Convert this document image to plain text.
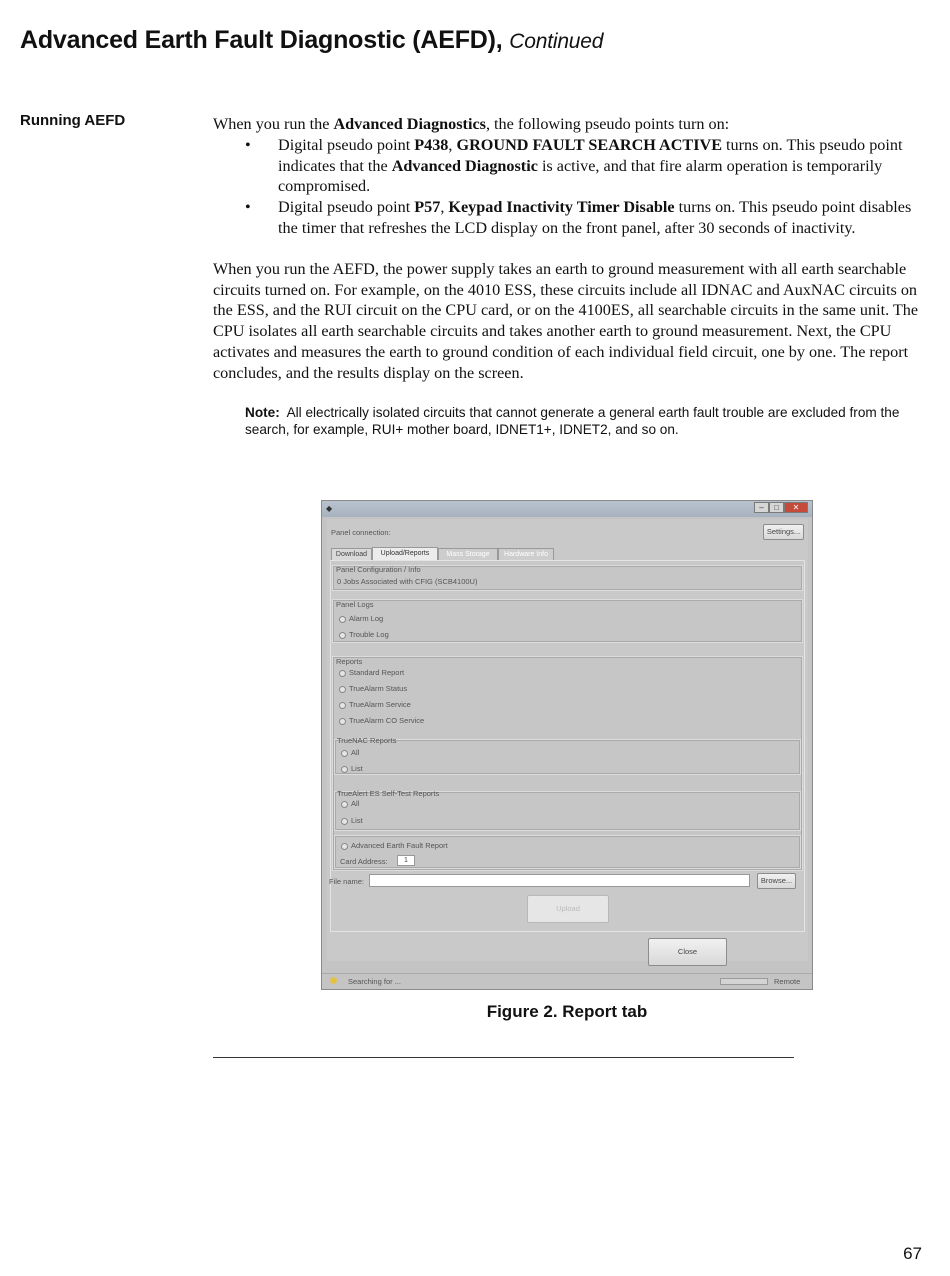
Advanced Earth Fault Diagnostic (AEFD), Continued
Running AEFD	When you run the Advanced Diagnostics, the following pseudo points turn on:

• Digital pseudo point P438, GROUND FAULT SEARCH ACTIVE turns on. This pseudo point indicates that the Advanced Diagnostic is active, and that fire alarm operation is temporarily compromised.
• Digital pseudo point P57, Keypad Inactivity Timer Disable turns on. This pseudo point disables the timer that refreshes the LCD display on the front panel, after 30 seconds of inactivity.

When you run the AEFD, the power supply takes an earth to ground measurement with all earth searchable circuits turned on. For example, on the 4010 ESS, these circuits include all IDNAC and AuxNAC circuits on the ESS, and the RUI circuit on the CPU card, or on the 4100ES, all searchable circuits in the same unit. The CPU isolates all earth searchable circuits and takes another earth to ground measurement. Next, the CPU activates and measures the earth to ground condition of each individual field circuit, one by one. The report concludes, and the results display on the screen.

Note: All electrically isolated circuits that cannot generate a general earth fault trouble are excluded from the search, for example, RUI+ mother board, IDNET1+, IDNET2, and so on.

◆	–	□	✕
Panel connection:	Settings...
Download	Upload/Reports	Mass Storage	Hardware Info
Panel Configuration / Info
0 Jobs Associated with CFIG (SCB4100U)
Panel Logs
Alarm Log
Trouble Log
Reports
Standard Report
TrueAlarm Status
TrueAlarm Service
TrueAlarm CO Service
TrueNAC Reports
All
List
TrueAlert ES Self-Test Reports
All
List
Advanced Earth Fault Report
Card Address:	1
File name:	Browse...
Upload
Close
Searching for ...	Remote
Figure 2. Report tab
67
